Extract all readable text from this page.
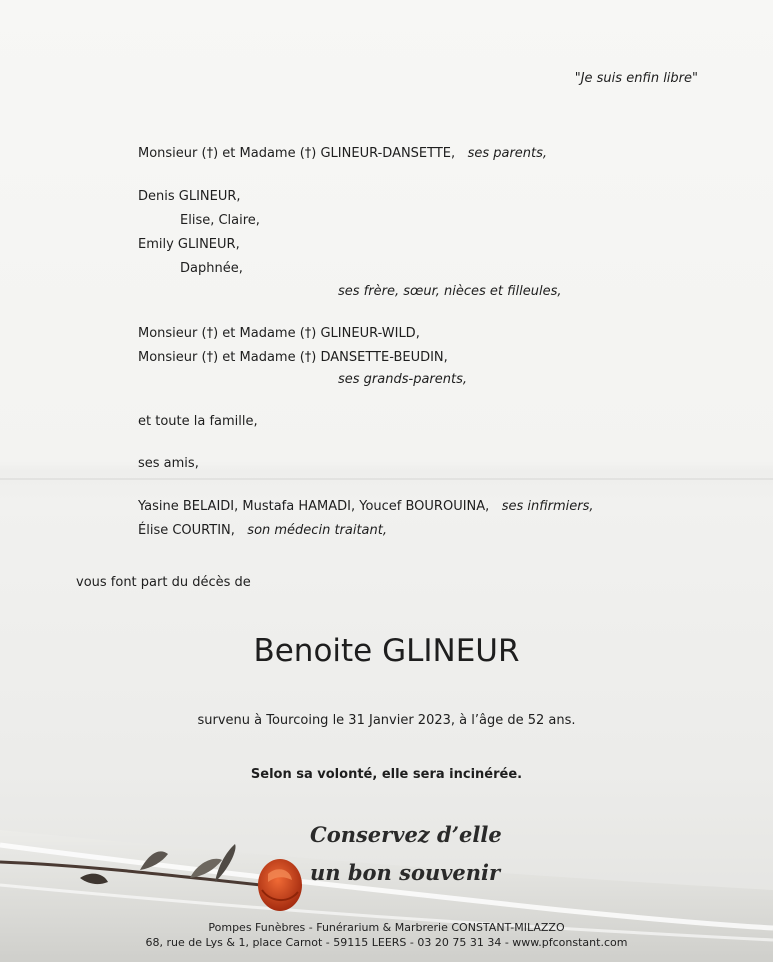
"Je suis enfin libre"
Monsieur (†) et Madame (†) GLINEUR-DANSETTE, ses parents,
Denis GLINEUR,
Elise, Claire,
Emily GLINEUR,
Daphnée,
ses frère, sœur, nièces et filleules,
Monsieur (†) et Madame (†) GLINEUR-WILD,
Monsieur (†) et Madame (†) DANSETTE-BEUDIN,
ses grands-parents,
et toute la famille,
ses amis,
Yasine BELAIDI, Mustafa HAMADI, Youcef BOUROUINA, ses infirmiers,
Élise COURTIN, son médecin traitant,
vous font part du décès de
Benoite GLINEUR
survenu à Tourcoing le 31 Janvier 2023, à l’âge de 52 ans.
Selon sa volonté, elle sera incinérée.
Conservez d’elle
un bon souvenir
Pompes Funèbres - Funérarium & Marbrerie CONSTANT-MILAZZO
68, rue de Lys & 1, place Carnot - 59115 LEERS - 03 20 75 31 34 - www.pfconstant.com
